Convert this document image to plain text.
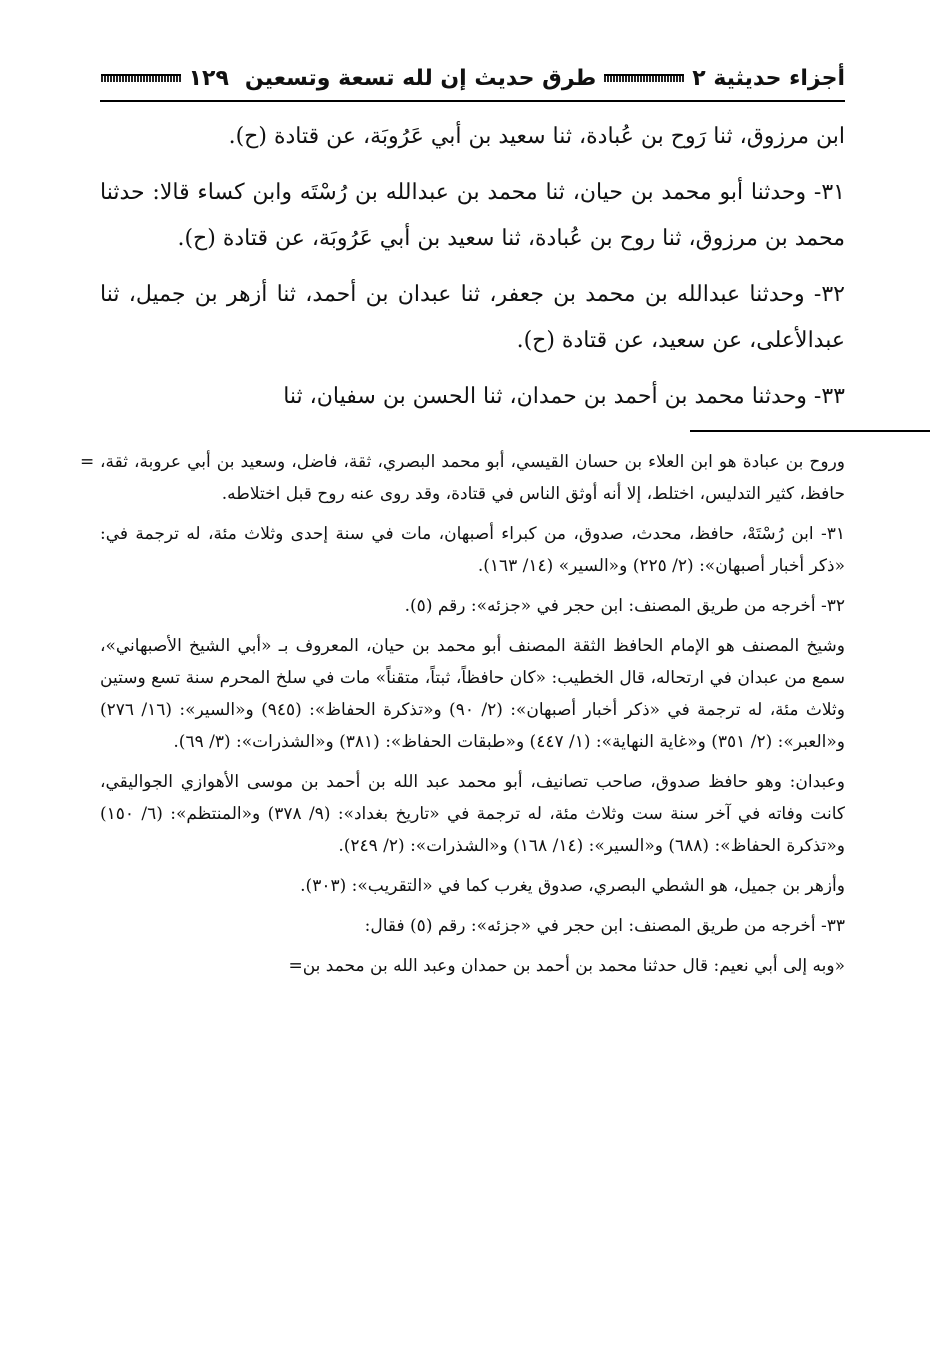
أجزاء حديثية ٢
طرق حديث إن لله تسعة وتسعين
١٢٩

ابن مرزوق، ثنا رَوح بن عُبادة، ثنا سعيد بن أبي عَرُوبَة، عن قتادة (ح).

٣١- وحدثنا أبو محمد بن حيان، ثنا محمد بن عبدالله بن رُسْتَه وابن كساء قالا: حدثنا محمد بن مرزوق، ثنا روح بن عُبادة، ثنا سعيد بن أبي عَرُوبَة، عن قتادة (ح).

٣٢- وحدثنا عبدالله بن محمد بن جعفر، ثنا عبدان بن أحمد، ثنا أزهر بن جميل، ثنا عبدالأعلى، عن سعيد، عن قتادة (ح).

٣٣- وحدثنا محمد بن أحمد بن حمدان، ثنا الحسن بن سفيان، ثنا

= وروح بن عبادة هو ابن العلاء بن حسان القيسي، أبو محمد البصري، ثقة، فاضل، وسعيد بن أبي عروبة، ثقة، حافظ، كثير التدليس، اختلط، إلا أنه أوثق الناس في قتادة، وقد روى عنه روح قبل اختلاطه.

٣١- ابن رُسْتَهْ، حافظ، محدث، صدوق، من كبراء أصبهان، مات في سنة إحدى وثلاث مئة، له ترجمة في: «ذكر أخبار أصبهان»: (٢/ ٢٢٥) و«السير» (١٤/ ١٦٣).

٣٢- أخرجه من طريق المصنف: ابن حجر في «جزئه»: رقم (٥).

وشيخ المصنف هو الإمام الحافظ الثقة المصنف أبو محمد بن حيان، المعروف بـ «أبي الشيخ الأصبهاني»، سمع من عبدان في ارتحاله، قال الخطيب: «كان حافظاً، ثبتاً، متقناً» مات في سلخ المحرم سنة تسع وستين وثلاث مئة، له ترجمة في «ذكر أخبار أصبهان»: (٢/ ٩٠) و«تذكرة الحفاظ»: (٩٤٥) و«السير»: (١٦/ ٢٧٦) و«العبر»: (٢/ ٣٥١) و«غاية النهاية»: (١/ ٤٤٧) و«طبقات الحفاظ»: (٣٨١) و«الشذرات»: (٣/ ٦٩).

وعبدان: وهو حافظ صدوق، صاحب تصانيف، أبو محمد عبد الله بن أحمد بن موسى الأهوازي الجواليقي، كانت وفاته في آخر سنة ست وثلاث مئة، له ترجمة في «تاريخ بغداد»: (٩/ ٣٧٨) و«المنتظم»: (٦/ ١٥٠) و«تذكرة الحفاظ»: (٦٨٨) و«السير»: (١٤/ ١٦٨) و«الشذرات»: (٢/ ٢٤٩).

وأزهر بن جميل، هو الشطي البصري، صدوق يغرب كما في «التقريب»: (٣٠٣).

٣٣- أخرجه من طريق المصنف: ابن حجر في «جزئه»: رقم (٥) فقال:

«وبه إلى أبي نعيم: قال حدثنا محمد بن أحمد بن حمدان وعبد الله بن محمد بن=
